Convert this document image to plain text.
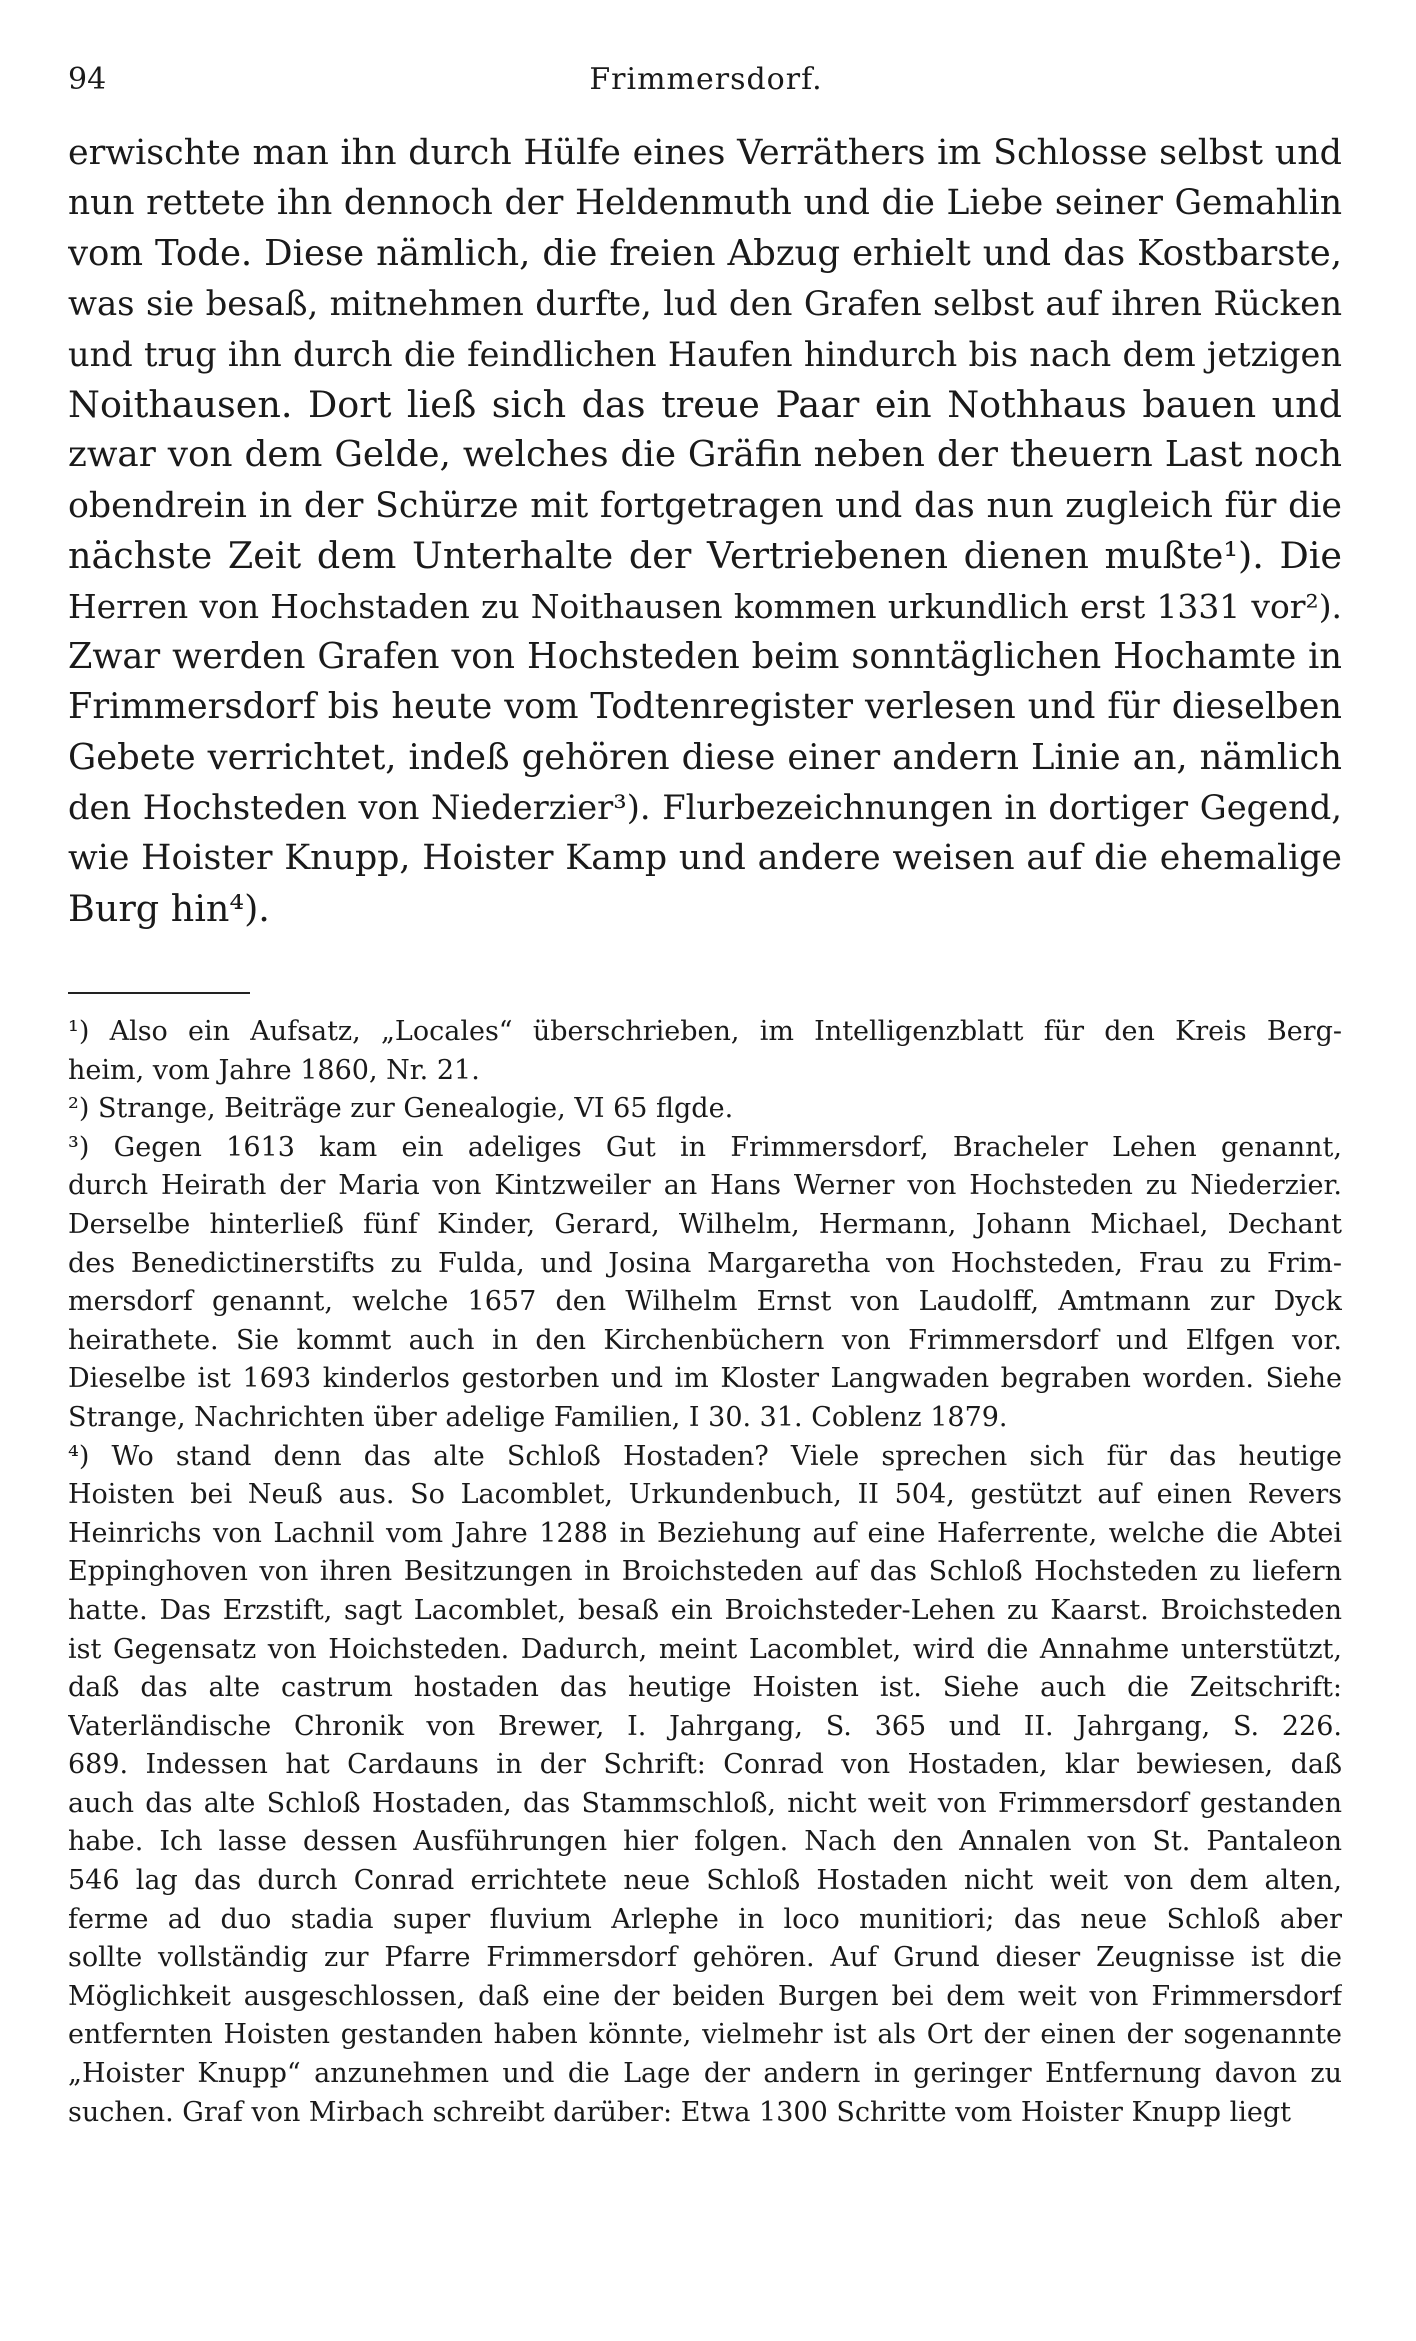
94	Frimmersdorf.
erwischte man ihn durch Hülfe eines Verräthers im Schlosse selbst und
nun rettete ihn dennoch der Heldenmuth und die Liebe seiner Gemahlin
vom Tode. Diese nämlich, die freien Abzug erhielt und das Kostbarste,
was sie besaß, mitnehmen durfte, lud den Grafen selbst auf ihren Rücken
und trug ihn durch die feindlichen Haufen hindurch bis nach dem jetzigen
Noithausen. Dort ließ sich das treue Paar ein Nothhaus bauen und
zwar von dem Gelde, welches die Gräfin neben der theuern Last noch
obendrein in der Schürze mit fortgetragen und das nun zugleich für die
nächste Zeit dem Unterhalte der Vertriebenen dienen mußte¹). Die
Herren von Hochstaden zu Noithausen kommen urkundlich erst 1331 vor²).
Zwar werden Grafen von Hochsteden beim sonntäglichen Hochamte in
Frimmersdorf bis heute vom Todtenregister verlesen und für dieselben
Gebete verrichtet, indeß gehören diese einer andern Linie an, nämlich
den Hochsteden von Niederzier³). Flurbezeichnungen in dortiger Gegend,
wie Hoister Knupp, Hoister Kamp und andere weisen auf die ehemalige
Burg hin⁴).
¹) Also ein Aufsatz, „Locales“ überschrieben, im Intelligenzblatt für den Kreis Berg-
heim, vom Jahre 1860, Nr. 21.
²) Strange, Beiträge zur Genealogie, VI 65 flgde.
³) Gegen 1613 kam ein adeliges Gut in Frimmersdorf, Bracheler Lehen genannt,
durch Heirath der Maria von Kintzweiler an Hans Werner von Hochsteden zu Niederzier.
Derselbe hinterließ fünf Kinder, Gerard, Wilhelm, Hermann, Johann Michael, Dechant
des Benedictinerstifts zu Fulda, und Josina Margaretha von Hochsteden, Frau zu Frim-
mersdorf genannt, welche 1657 den Wilhelm Ernst von Laudolff, Amtmann zur Dyck
heirathete. Sie kommt auch in den Kirchenbüchern von Frimmersdorf und Elfgen vor.
Dieselbe ist 1693 kinderlos gestorben und im Kloster Langwaden begraben worden. Siehe
Strange, Nachrichten über adelige Familien, I 30. 31. Coblenz 1879.
⁴) Wo stand denn das alte Schloß Hostaden? Viele sprechen sich für das heutige
Hoisten bei Neuß aus. So Lacomblet, Urkundenbuch, II 504, gestützt auf einen Revers
Heinrichs von Lachnil vom Jahre 1288 in Beziehung auf eine Haferrente, welche die Abtei
Eppinghoven von ihren Besitzungen in Broichsteden auf das Schloß Hochsteden zu liefern
hatte. Das Erzstift, sagt Lacomblet, besaß ein Broichsteder-Lehen zu Kaarst. Broichsteden
ist Gegensatz von Hoichsteden. Dadurch, meint Lacomblet, wird die Annahme unterstützt,
daß das alte castrum hostaden das heutige Hoisten ist. Siehe auch die Zeitschrift:
Vaterländische Chronik von Brewer, I. Jahrgang, S. 365 und II. Jahrgang, S. 226.
689. Indessen hat Cardauns in der Schrift: Conrad von Hostaden, klar bewiesen, daß
auch das alte Schloß Hostaden, das Stammschloß, nicht weit von Frimmersdorf gestanden
habe. Ich lasse dessen Ausführungen hier folgen. Nach den Annalen von St. Pantaleon
546 lag das durch Conrad errichtete neue Schloß Hostaden nicht weit von dem alten,
ferme ad duo stadia super fluvium Arlephe in loco munitiori; das neue Schloß aber
sollte vollständig zur Pfarre Frimmersdorf gehören. Auf Grund dieser Zeugnisse ist die
Möglichkeit ausgeschlossen, daß eine der beiden Burgen bei dem weit von Frimmersdorf
entfernten Hoisten gestanden haben könnte, vielmehr ist als Ort der einen der sogenannte
„Hoister Knupp“ anzunehmen und die Lage der andern in geringer Entfernung davon zu
suchen. Graf von Mirbach schreibt darüber: Etwa 1300 Schritte vom Hoister Knupp liegt
